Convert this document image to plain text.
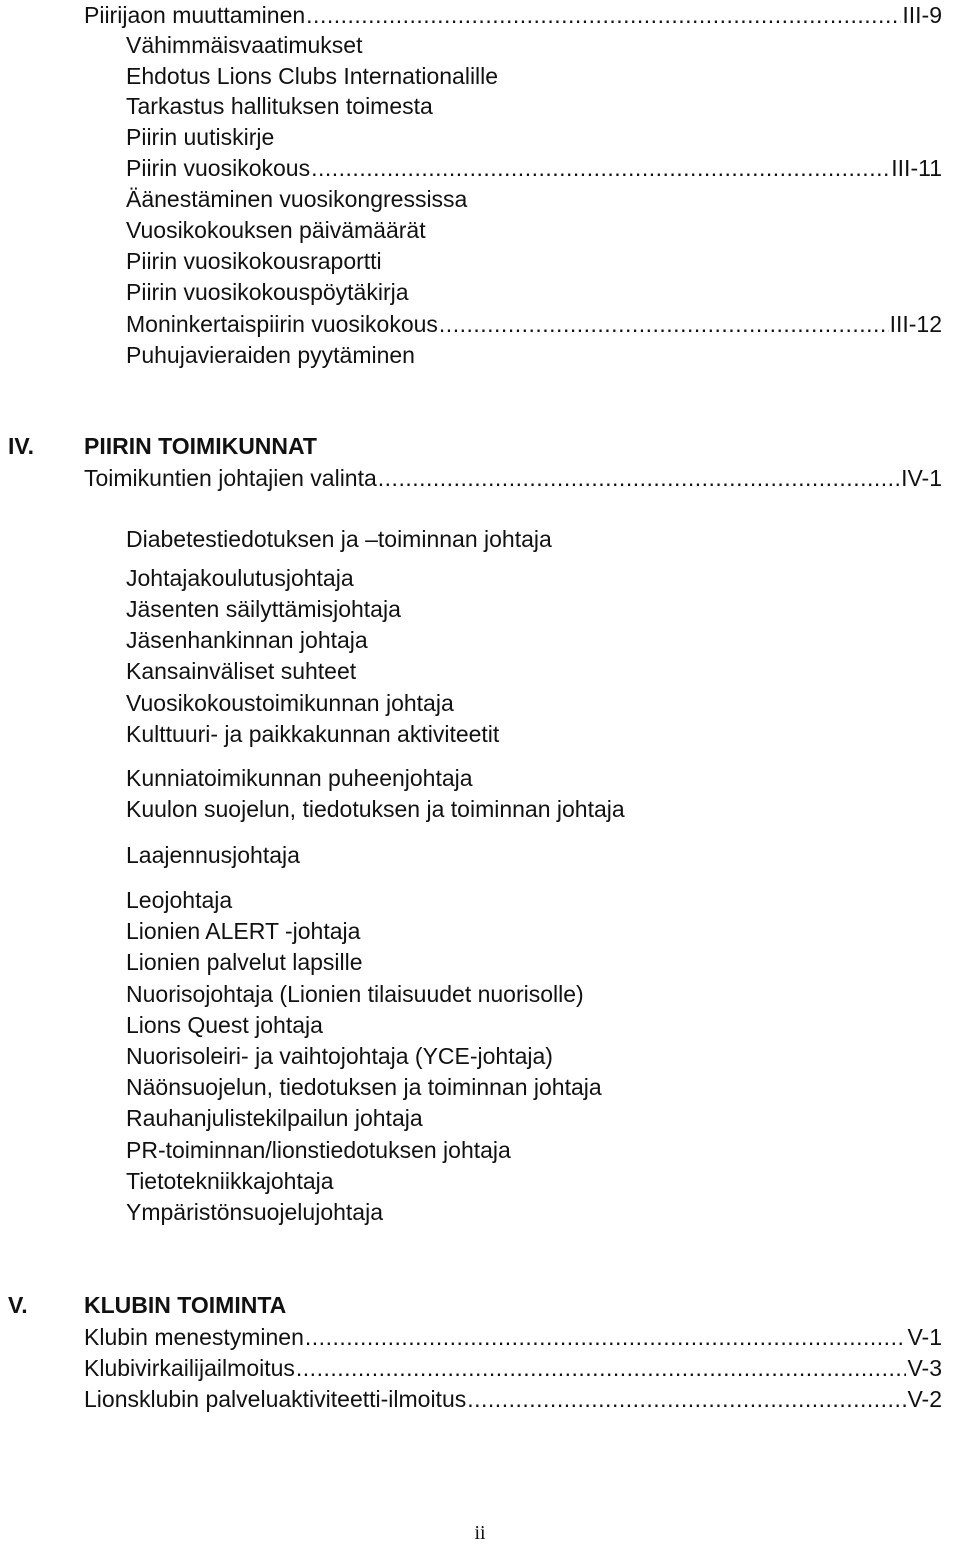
Piirijaon muuttaminen .....	III-9
Vähimmäisvaatimukset
Ehdotus Lions Clubs Internationalille
Tarkastus hallituksen toimesta
Piirin uutiskirje
Piirin vuosikokous .....	III-11
Äänestäminen vuosikongressissa
Vuosikokouksen päivämäärät
Piirin vuosikokousraportti
Piirin vuosikokouspöytäkirja
Moninkertaispiirin vuosikokous .....	III-12
Puhujavieraiden pyytäminen
IV. PIIRIN TOIMIKUNNAT
Toimikuntien johtajien valinta .....	IV-1
Diabetestiedotuksen ja –toiminnan johtaja
Johtajakoulutusjohtaja
Jäsenten säilyttämisjohtaja
Jäsenhankinnan johtaja
Kansainväliset suhteet
Vuosikokoustoimikunnan johtaja
Kulttuuri- ja paikkakunnan aktiviteetit
Kunniatoimikunnan puheenjohtaja
Kuulon suojelun, tiedotuksen ja toiminnan johtaja
Laajennusjohtaja
Leojohtaja
Lionien ALERT -johtaja
Lionien palvelut lapsille
Nuorisojohtaja (Lionien tilaisuudet nuorisolle)
Lions Quest johtaja
Nuorisoleiri- ja vaihtojohtaja (YCE-johtaja)
Näönsuojelun, tiedotuksen ja toiminnan johtaja
Rauhanjulistekilpailun johtaja
PR-toiminnan/lionstiedotuksen johtaja
Tietotekniikkajohtaja
Ympäristönsuojelujohtaja
V. KLUBIN TOIMINTA
Klubin menestyminen .....	V-1
Klubivirkailijailmoitus .....	V-3
Lionsklubin palveluaktiviteetti-ilmoitus .....	V-2
ii
